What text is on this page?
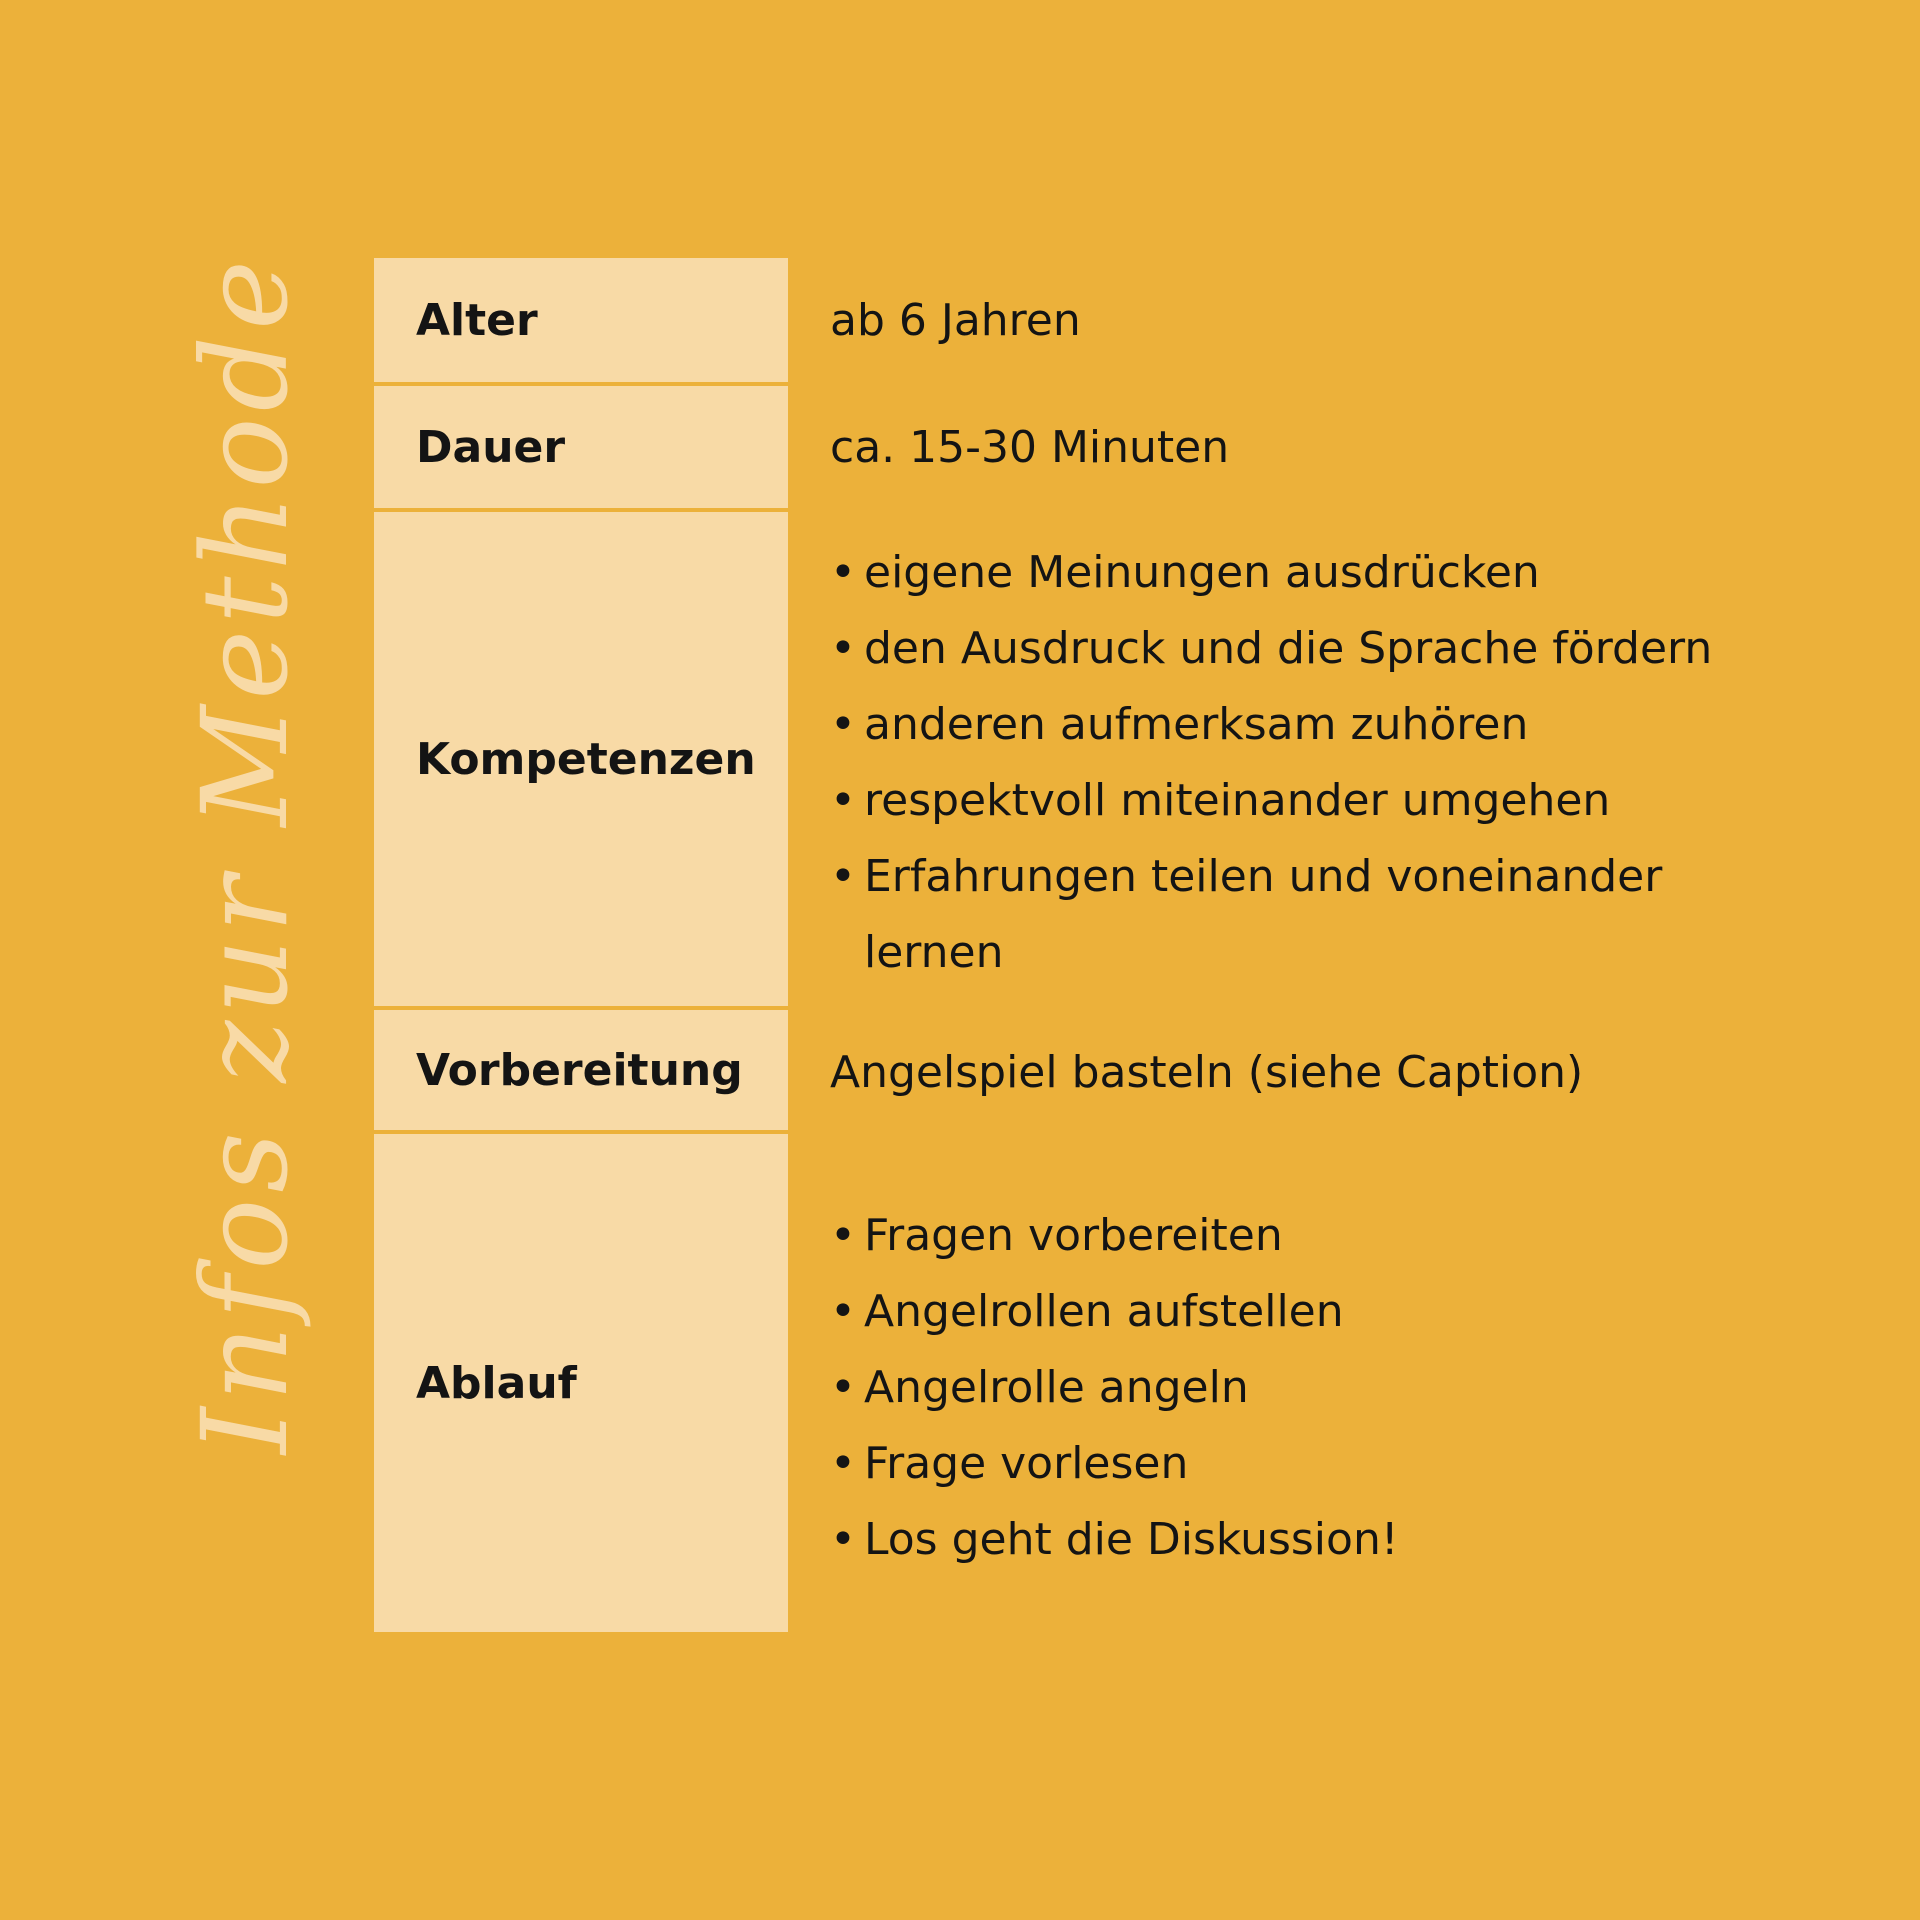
Infos zur Methode	Alter
Dauer
Kompetenzen
Vorbereitung
Ablauf
ab 6 Jahren
ca. 15-30 Minuten
• eigene Meinungen ausdrücken
• den Ausdruck und die Sprache fördern
• anderen aufmerksam zuhören
• respektvoll miteinander umgehen
• Erfahrungen teilen und voneinander lernen
Angelspiel basteln (siehe Caption)
• Fragen vorbereiten
• Angelrollen aufstellen
• Angelrolle angeln
• Frage vorlesen
• Los geht die Diskussion!
